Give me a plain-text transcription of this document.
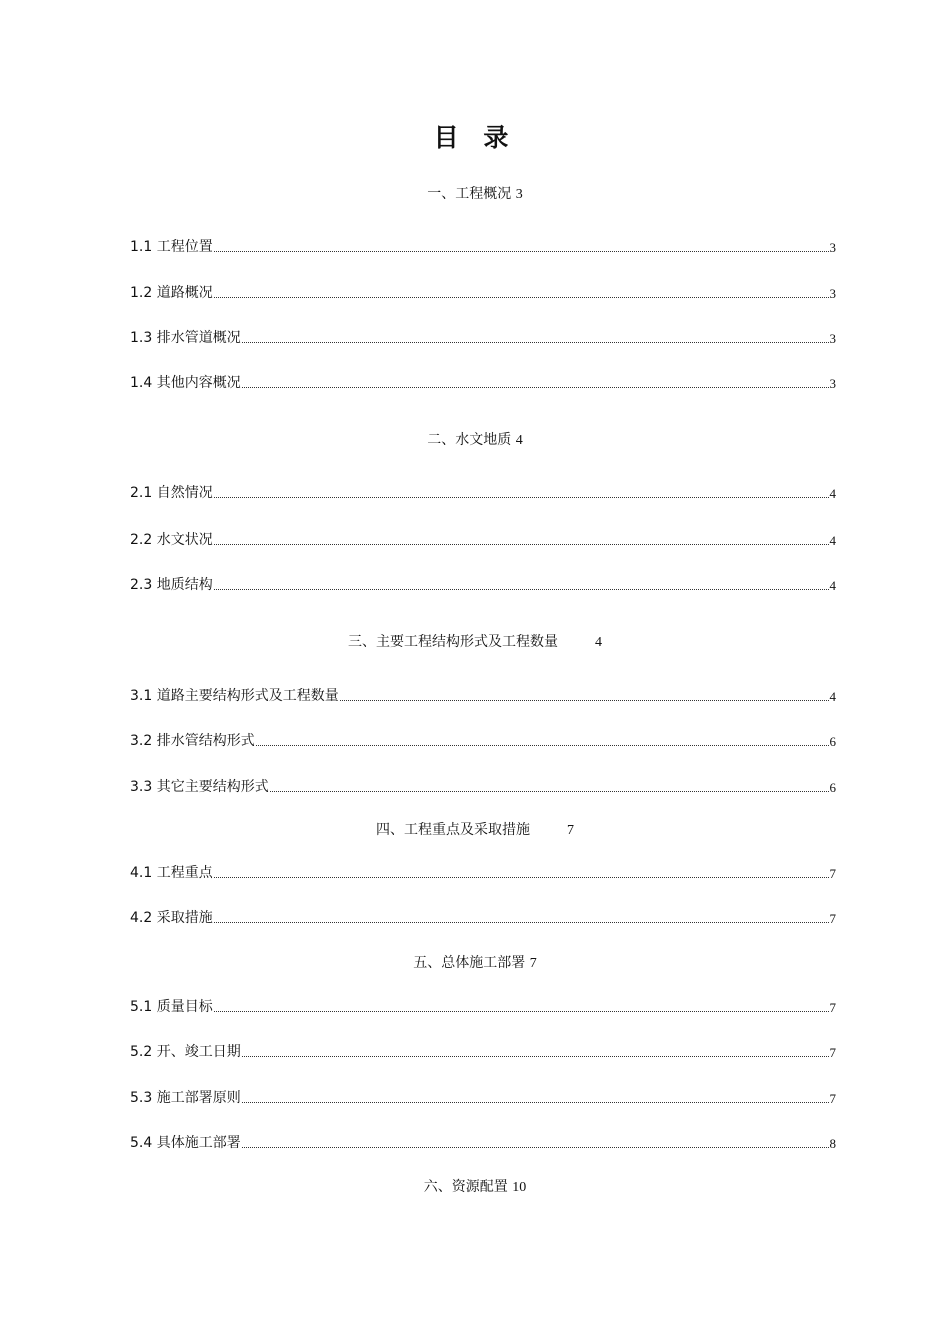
目 录
一、工程概况 3
1.1 工程位置	3
1.2 道路概况	3
1.3 排水管道概况	3
1.4 其他内容概况	3
二、水文地质 4
2.1 自然情况	4
2.2 水文状况	4
2.3 地质结构	4
三、主要工程结构形式及工程数量	4
3.1 道路主要结构形式及工程数量	4
3.2 排水管结构形式	6
3.3 其它主要结构形式	6
四、工程重点及采取措施	7
4.1 工程重点	7
4.2 采取措施	7
五、总体施工部署 7
5.1 质量目标	7
5.2 开、竣工日期	7
5.3 施工部署原则	7
5.4 具体施工部署	8
六、资源配置 10
